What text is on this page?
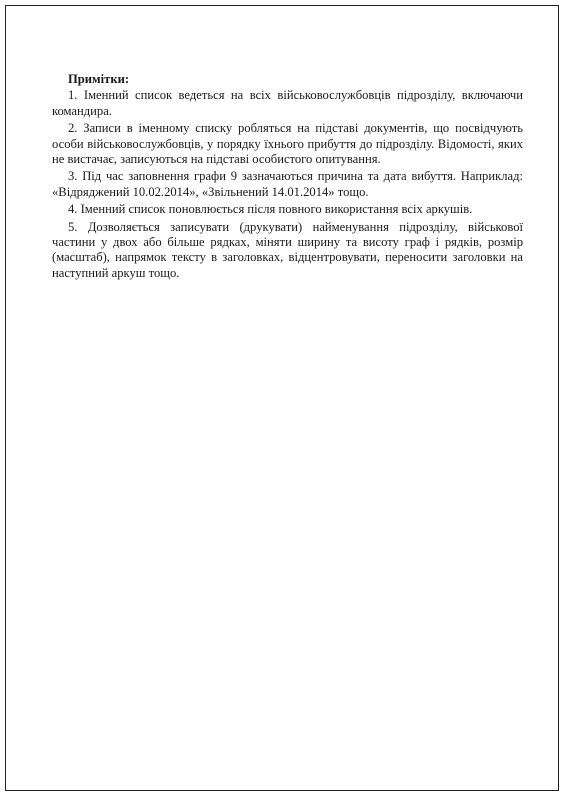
Примітки:

1. Іменний список ведеться на всіх військовослужбовців підрозділу, включаючи командира.

2. Записи в іменному списку робляться на підставі документів, що посвідчують особи військовослужбовців, у порядку їхнього прибуття до підрозділу. Відомості, яких не вистачає, записуються на підставі особистого опитування.

3. Під час заповнення графи 9 зазначаються причина та дата вибуття. Наприклад: «Відряджений 10.02.2014», «Звільнений 14.01.2014» тощо.

4. Іменний список поновлюється після повного використання всіх аркушів.

5. Дозволяється записувати (друкувати) найменування підрозділу, військової частини у двох або більше рядках, міняти ширину та висоту граф і рядків, розмір (масштаб), напрямок тексту в заголовках, відцентровувати, переносити заголовки на наступний аркуш тощо.
